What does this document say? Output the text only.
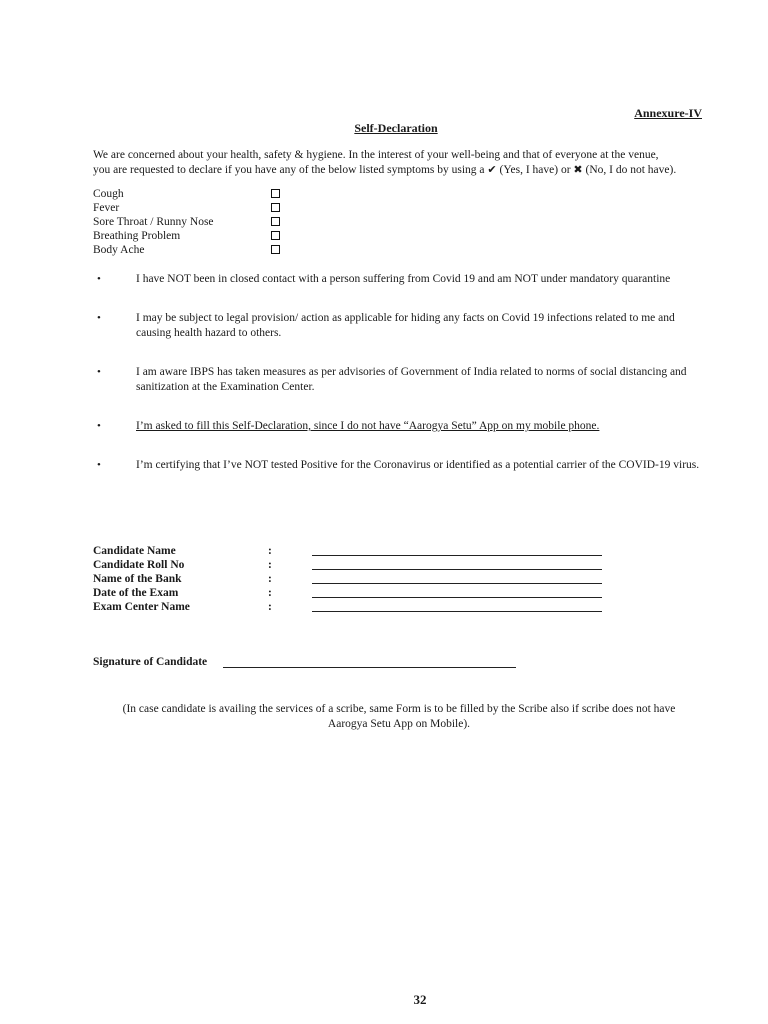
Annexure-IV
Self-Declaration

We are concerned about your health, safety & hygiene. In the interest of your well-being and that of everyone at the venue,

you are requested to declare if you have any of the below listed symptoms by using a ✔ (Yes, I have) or ✖ (No, I do not have).

Cough
Fever
Sore Throat / Runny Nose
Breathing Problem
Body Ache
•	I have NOT been in closed contact with a person suffering from Covid 19 and am NOT under mandatory quarantine
•	I may be subject to legal provision/ action as applicable for hiding any facts on Covid 19 infections related to me and causing health hazard to others.
•	I am aware IBPS has taken measures as per advisories of Government of India related to norms of social distancing and sanitization at the Examination Center.
•	I’m asked to fill this Self-Declaration, since I do not have “Aarogya Setu” App on my mobile phone.
•	I’m certifying that I’ve NOT tested Positive for the Coronavirus or identified as a potential carrier of the COVID-19 virus.
Candidate Name	:
Candidate Roll No	:
Name of the Bank	:
Date of the Exam	:
Exam Center Name	:
Signature of Candidate
(In case candidate is availing the services of a scribe, same Form is to be filled by the Scribe also if scribe does not have
Aarogya Setu App on Mobile).
32
